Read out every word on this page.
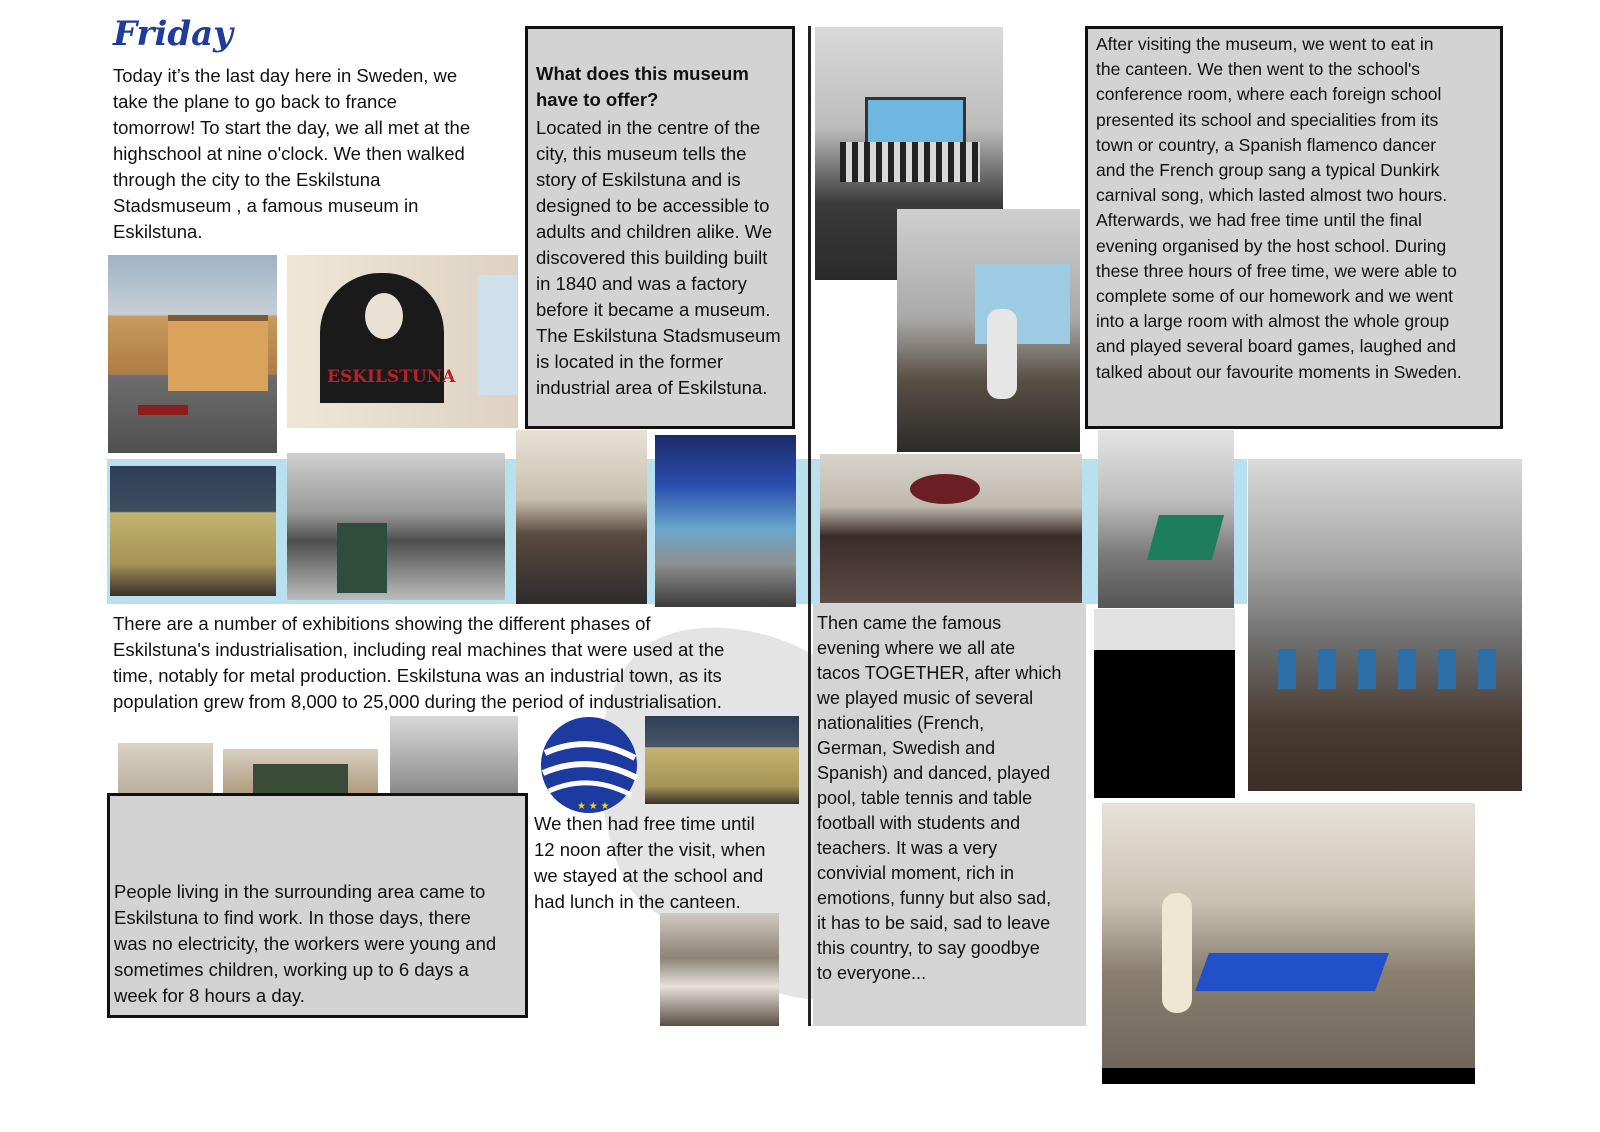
Friday
Today it’s the last day here in Sweden, we
take the plane to go back to france
tomorrow! To start the day, we all met at the
highschool at nine o'clock. We then walked
through the city to the Eskilstuna
Stadsmuseum , a famous museum in
Eskilstuna.
What does this museum
have to offer?
Located in the centre of the
city, this museum tells the
story of Eskilstuna and is
designed to be accessible to
adults and children alike. We
discovered this building built
in 1840 and was a factory
before it became a museum.
The Eskilstuna Stadsmuseum
is located in the former
industrial area of Eskilstuna.
After visiting the museum, we went to eat in
the canteen. We then went to the school's
conference room, where each foreign school
presented its school and specialities from its
town or country, a Spanish flamenco dancer
and the French group sang a typical Dunkirk
carnival song, which lasted almost two hours.
Afterwards, we had free time until the final
evening organised by the host school. During
these three hours of free time, we were able to
complete some of our homework and we went
into a large room with almost the whole group
and played several board games, laughed and
talked about our favourite moments in Sweden.
ESKILSTUNA
There are a number of exhibitions showing the different phases of
Eskilstuna's industrialisation, including real machines that were used at the
time, notably for metal production. Eskilstuna was an industrial town, as its
population grew from 8,000 to 25,000 during the period of industrialisation.
Then came the famous
evening where we all ate
tacos TOGETHER, after which
we played music of several
nationalities (French,
German, Swedish and
Spanish) and danced, played
pool, table tennis and table
football with students and
teachers. It was a very
convivial moment, rich in
emotions, funny but also sad,
it has to be said, sad to leave
this country, to say goodbye
to everyone...
People living in the surrounding area came to
Eskilstuna to find work. In those days, there
was no electricity, the workers were young and
sometimes children, working up to 6 days a
week for 8 hours a day.
★ ★ ★
We then had free time until
12 noon after the visit, when
we stayed at the school and
had lunch in the canteen.
